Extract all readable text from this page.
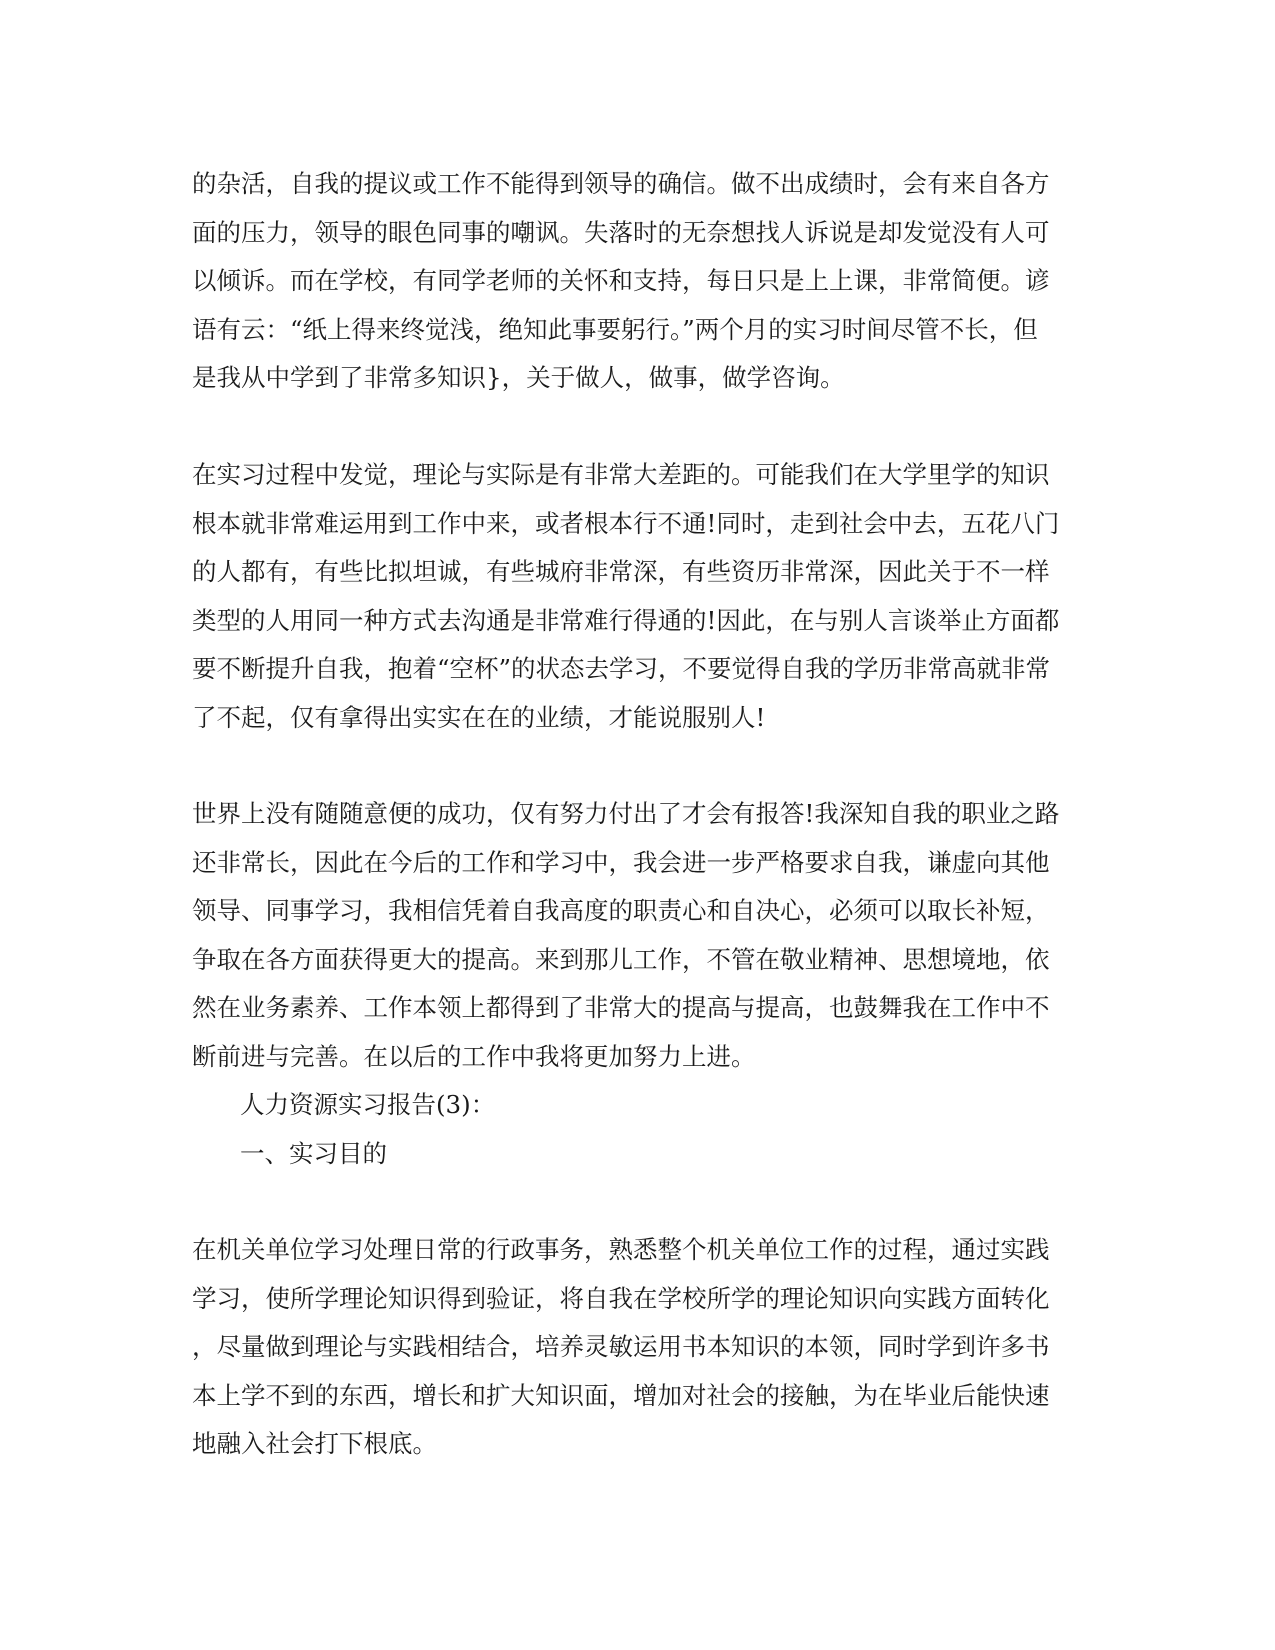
的杂活，自我的提议或工作不能得到领导的确信。做不出成绩时，会有来自各方
面的压力，领导的眼色同事的嘲讽。失落时的无奈想找人诉说是却发觉没有人可
以倾诉。而在学校，有同学老师的关怀和支持，每日只是上上课，非常简便。谚
语有云：“纸上得来终觉浅，绝知此事要躬行。”两个月的实习时间尽管不长，但
是我从中学到了非常多知识}，关于做人，做事，做学咨询。
在实习过程中发觉，理论与实际是有非常大差距的。可能我们在大学里学的知识
根本就非常难运用到工作中来，或者根本行不通!同时，走到社会中去，五花八门
的人都有，有些比拟坦诚，有些城府非常深，有些资历非常深，因此关于不一样
类型的人用同一种方式去沟通是非常难行得通的!因此，在与别人言谈举止方面都
要不断提升自我，抱着“空杯”的状态去学习，不要觉得自我的学历非常高就非常
了不起，仅有拿得出实实在在的业绩，才能说服别人!
世界上没有随随意便的成功，仅有努力付出了才会有报答!我深知自我的职业之路
还非常长，因此在今后的工作和学习中，我会进一步严格要求自我，谦虚向其他
领导、同事学习，我相信凭着自我高度的职责心和自决心，必须可以取长补短，
争取在各方面获得更大的提高。来到那儿工作，不管在敬业精神、思想境地，依
然在业务素养、工作本领上都得到了非常大的提高与提高，也鼓舞我在工作中不
断前进与完善。在以后的工作中我将更加努力上进。
人力资源实习报告(3)：
一、实习目的
在机关单位学习处理日常的行政事务，熟悉整个机关单位工作的过程，通过实践
学习，使所学理论知识得到验证，将自我在学校所学的理论知识向实践方面转化
，尽量做到理论与实践相结合，培养灵敏运用书本知识的本领，同时学到许多书
本上学不到的东西，增长和扩大知识面，增加对社会的接触，为在毕业后能快速
地融入社会打下根底。
